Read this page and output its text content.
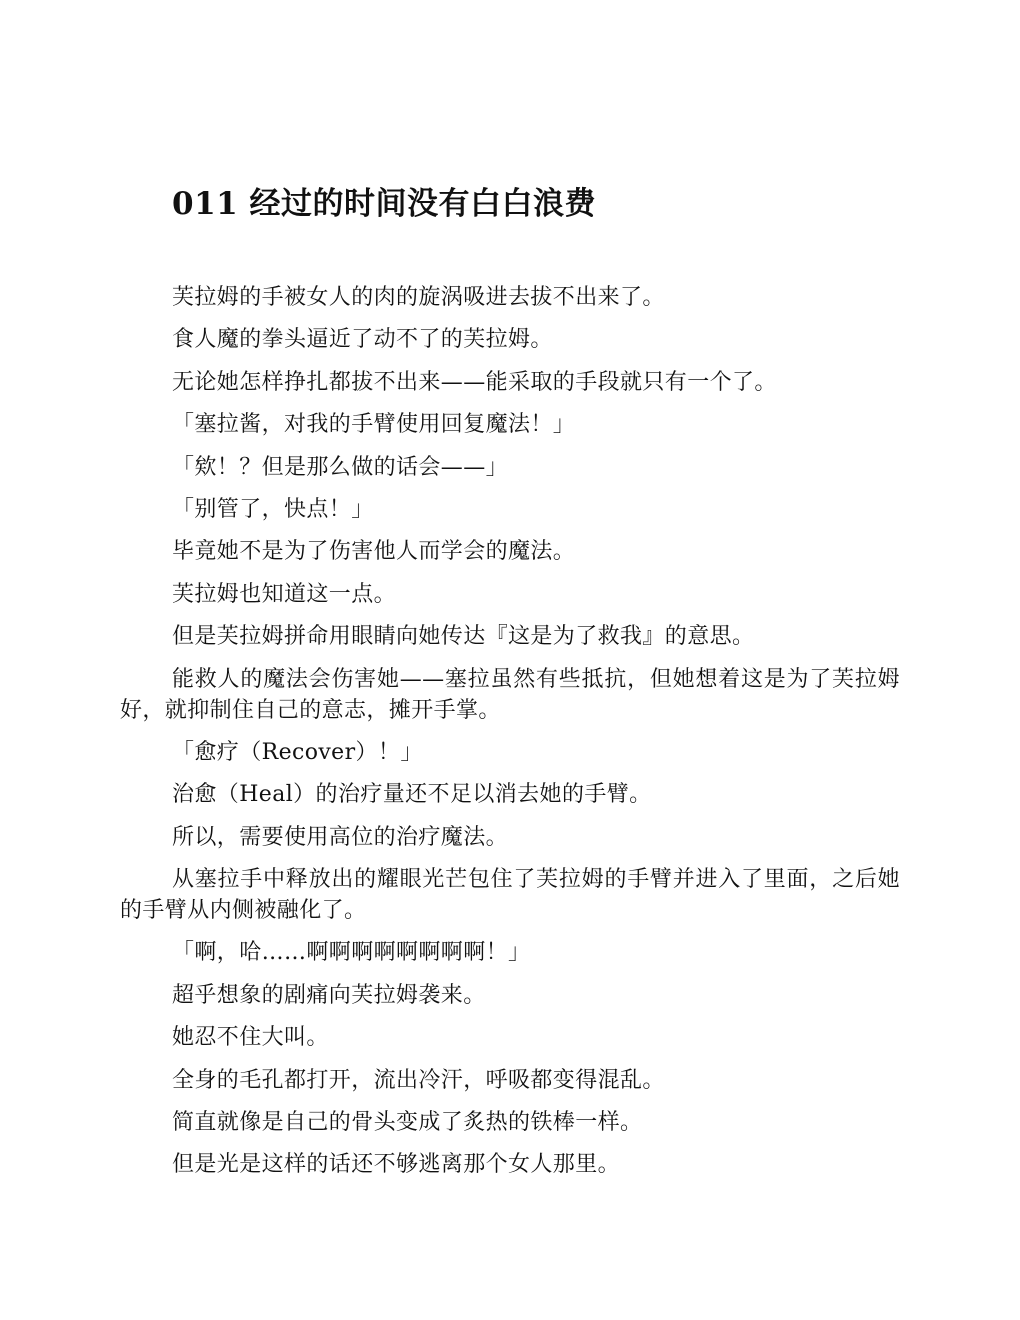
011 经过的时间没有白白浪费

芙拉姆的手被女人的肉的旋涡吸进去拔不出来了。

食人魔的拳头逼近了动不了的芙拉姆。

无论她怎样挣扎都拔不出来——能采取的手段就只有一个了。

「塞拉酱，对我的手臂使用回复魔法！」

「欸！？但是那么做的话会——」

「别管了，快点！」

毕竟她不是为了伤害他人而学会的魔法。

芙拉姆也知道这一点。

但是芙拉姆拼命用眼睛向她传达『这是为了救我』的意思。

能救人的魔法会伤害她——塞拉虽然有些抵抗，但她想着这是为了芙拉姆好，就抑制住自己的意志，摊开手掌。

「愈疗（Recover）！」

治愈（Heal）的治疗量还不足以消去她的手臂。

所以，需要使用高位的治疗魔法。

从塞拉手中释放出的耀眼光芒包住了芙拉姆的手臂并进入了里面，之后她的手臂从内侧被融化了。

「啊，哈……啊啊啊啊啊啊啊啊！」

超乎想象的剧痛向芙拉姆袭来。

她忍不住大叫。

全身的毛孔都打开，流出冷汗，呼吸都变得混乱。

简直就像是自己的骨头变成了炙热的铁棒一样。

但是光是这样的话还不够逃离那个女人那里。
